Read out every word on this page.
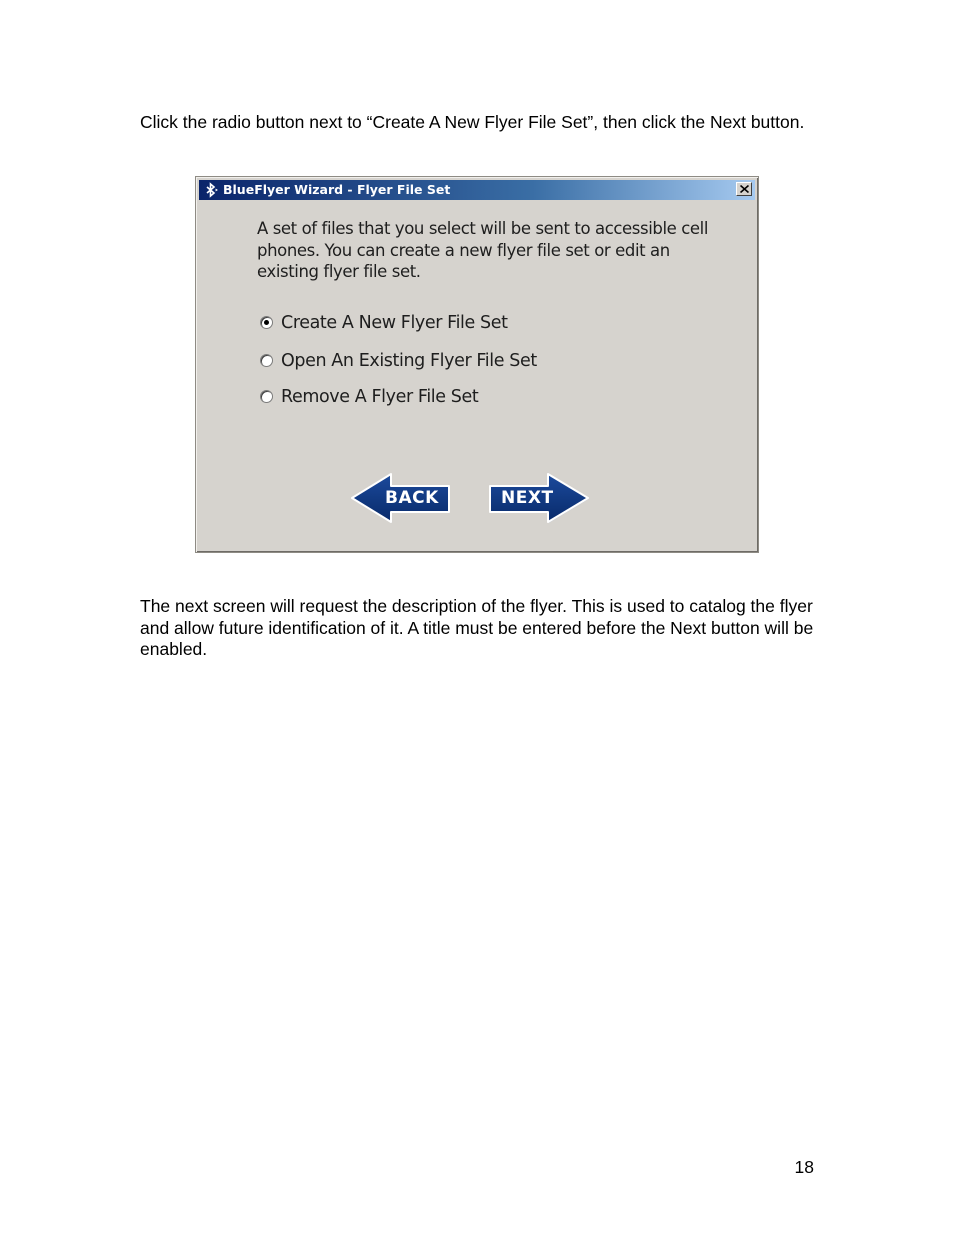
Click the radio button next to “Create A New Flyer File Set”, then click the Next button.

BlueFlyer Wizard - Flyer File Set
A set of files that you select will be sent to accessible cell phones. You can create a new flyer file set or edit an existing flyer file set.
Create A New Flyer File Set
Open An Existing Flyer File Set
Remove A Flyer File Set
BACK	NEXT

The next screen will request the description of the flyer. This is used to catalog the flyer and allow future identification of it. A title must be entered before the Next button will be enabled.

18
